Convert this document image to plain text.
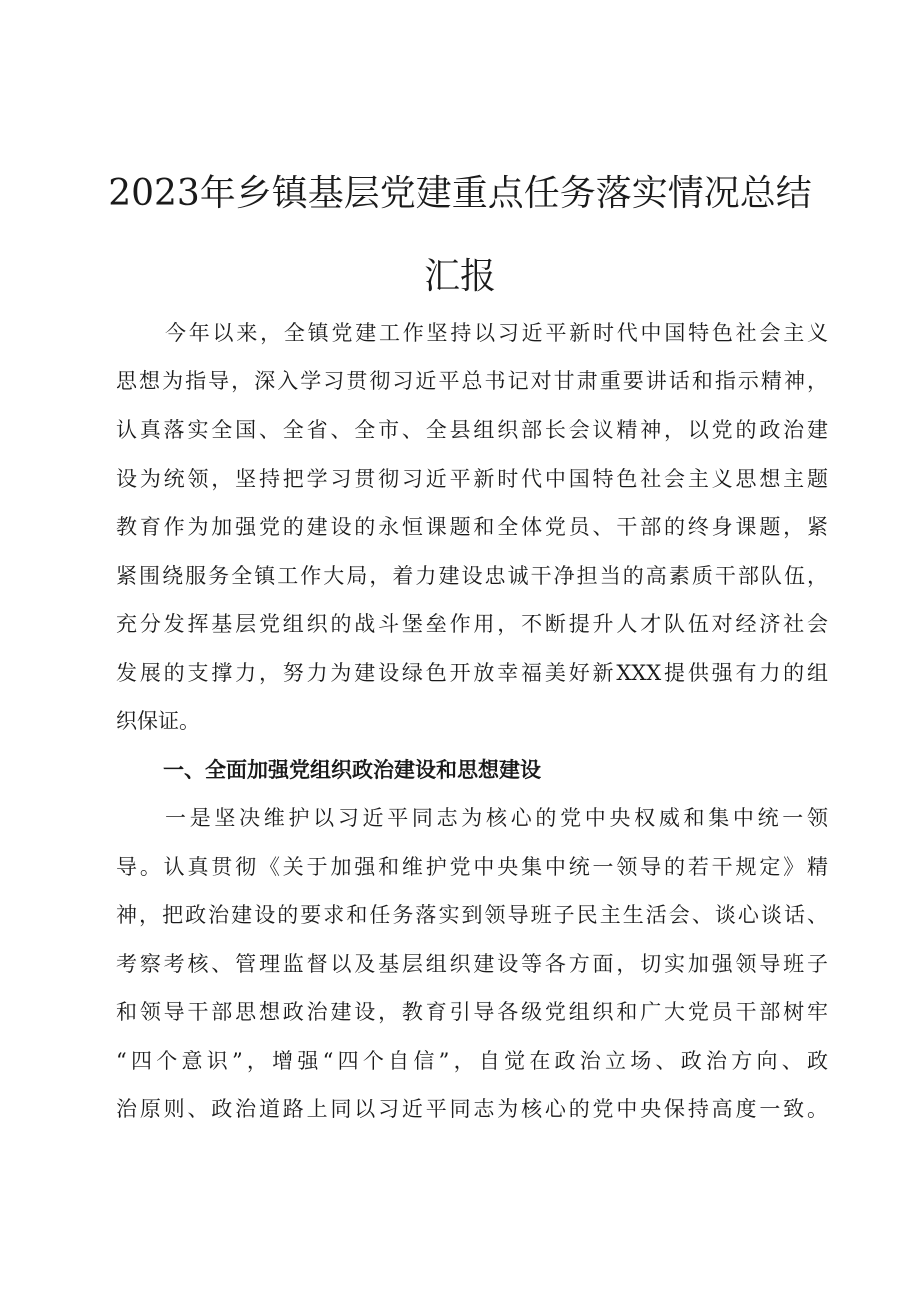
2023年乡镇基层党建重点任务落实情况总结
汇报
今年以来，全镇党建工作坚持以习近平新时代中国特色社会主义
思想为指导，深入学习贯彻习近平总书记对甘肃重要讲话和指示精神，
认真落实全国、全省、全市、全县组织部长会议精神，以党的政治建
设为统领，坚持把学习贯彻习近平新时代中国特色社会主义思想主题
教育作为加强党的建设的永恒课题和全体党员、干部的终身课题，紧
紧围绕服务全镇工作大局，着力建设忠诚干净担当的高素质干部队伍，
充分发挥基层党组织的战斗堡垒作用，不断提升人才队伍对经济社会
发展的支撑力，努力为建设绿色开放幸福美好新XXX提供强有力的组
织保证。
一、全面加强党组织政治建设和思想建设
一是坚决维护以习近平同志为核心的党中央权威和集中统一领
导。认真贯彻《关于加强和维护党中央集中统一领导的若干规定》精
神，把政治建设的要求和任务落实到领导班子民主生活会、谈心谈话、
考察考核、管理监督以及基层组织建设等各方面，切实加强领导班子
和领导干部思想政治建设，教育引导各级党组织和广大党员干部树牢
“四个意识”，增强“四个自信”，自觉在政治立场、政治方向、政
治原则、政治道路上同以习近平同志为核心的党中央保持高度一致。
